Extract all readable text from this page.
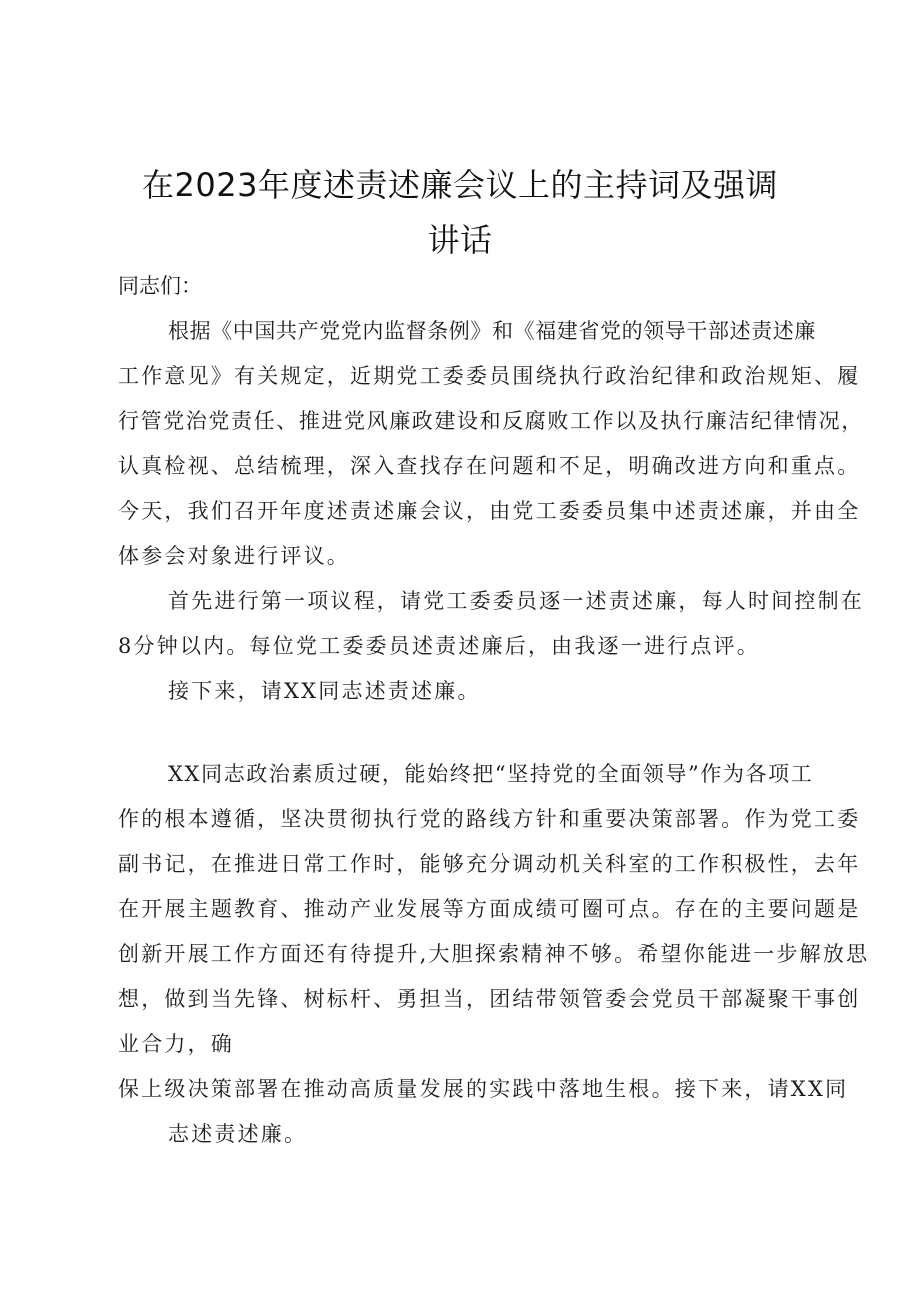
在2023年度述责述廉会议上的主持词及强调
讲话
同志们：
根据《中国共产党党内监督条例》和《福建省党的领导干部述责述廉
工作意见》有关规定，近期党工委委员围绕执行政治纪律和政治规矩、履
行管党治党责任、推进党风廉政建设和反腐败工作以及执行廉洁纪律情况，
认真检视、总结梳理，深入查找存在问题和不足，明确改进方向和重点。
今天，我们召开年度述责述廉会议，由党工委委员集中述责述廉，并由全
体参会对象进行评议。
首先进行第一项议程，请党工委委员逐一述责述廉，每人时间控制在
8分钟以内。每位党工委委员述责述廉后，由我逐一进行点评。
接下来，请XX同志述责述廉。
XX同志政治素质过硬，能始终把“坚持党的全面领导”作为各项工
作的根本遵循，坚决贯彻执行党的路线方针和重要决策部署。作为党工委
副书记，在推进日常工作时，能够充分调动机关科室的工作积极性，去年
在开展主题教育、推动产业发展等方面成绩可圈可点。存在的主要问题是
创新开展工作方面还有待提升,大胆探索精神不够。希望你能进一步解放思
想，做到当先锋、树标杆、勇担当，团结带领管委会党员干部凝聚干事创
业合力，确
保上级决策部署在推动高质量发展的实践中落地生根。接下来，请XX同
志述责述廉。
